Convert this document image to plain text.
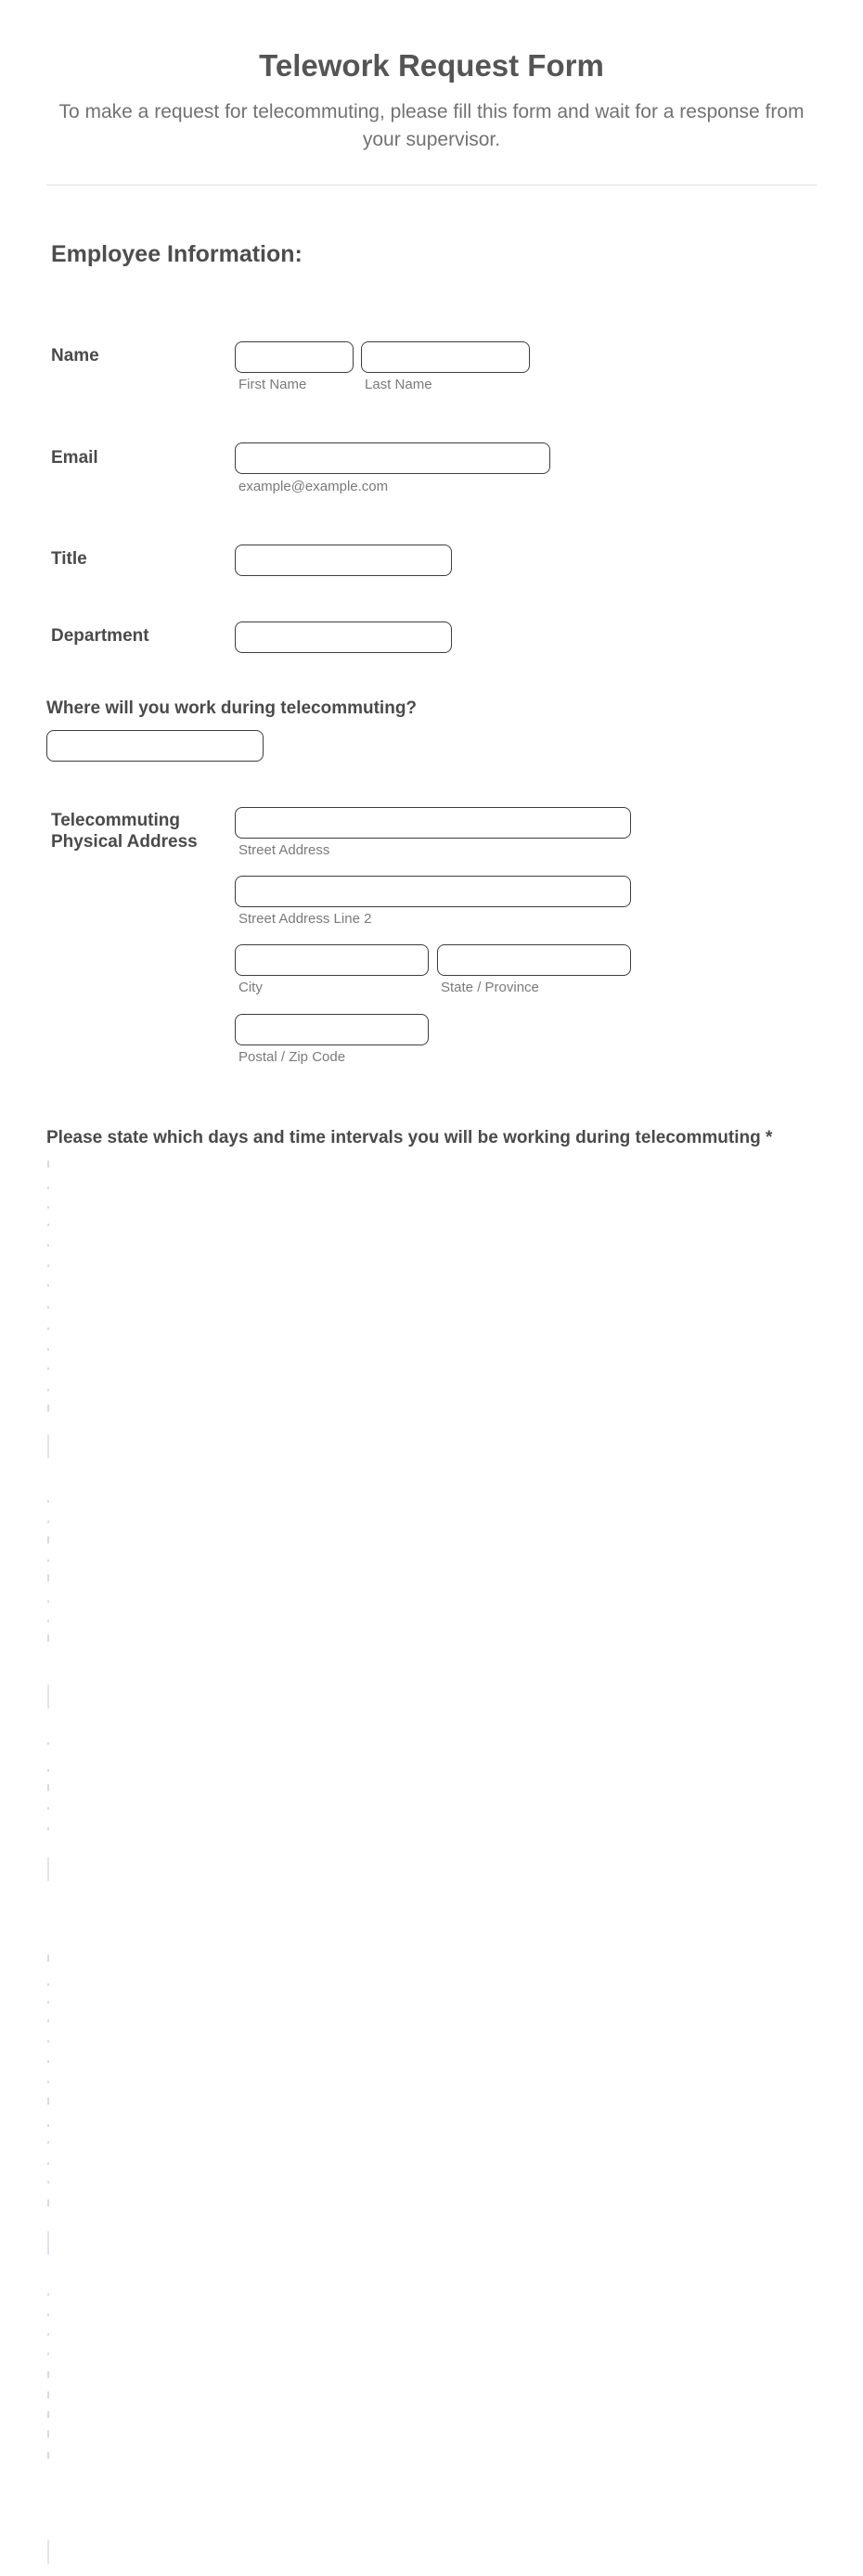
Telework Request Form
To make a request for telecommuting, please fill this form and wait for a response from your supervisor.
Employee Information:
Name
First Name	Last Name
Email
example@example.com
Title
Department
Where will you work during telecommuting?
Telecommuting
Physical Address	Street Address
Street Address Line 2
City	State / Province
Postal / Zip Code
Please state which days and time intervals you will be working during telecommuting *
